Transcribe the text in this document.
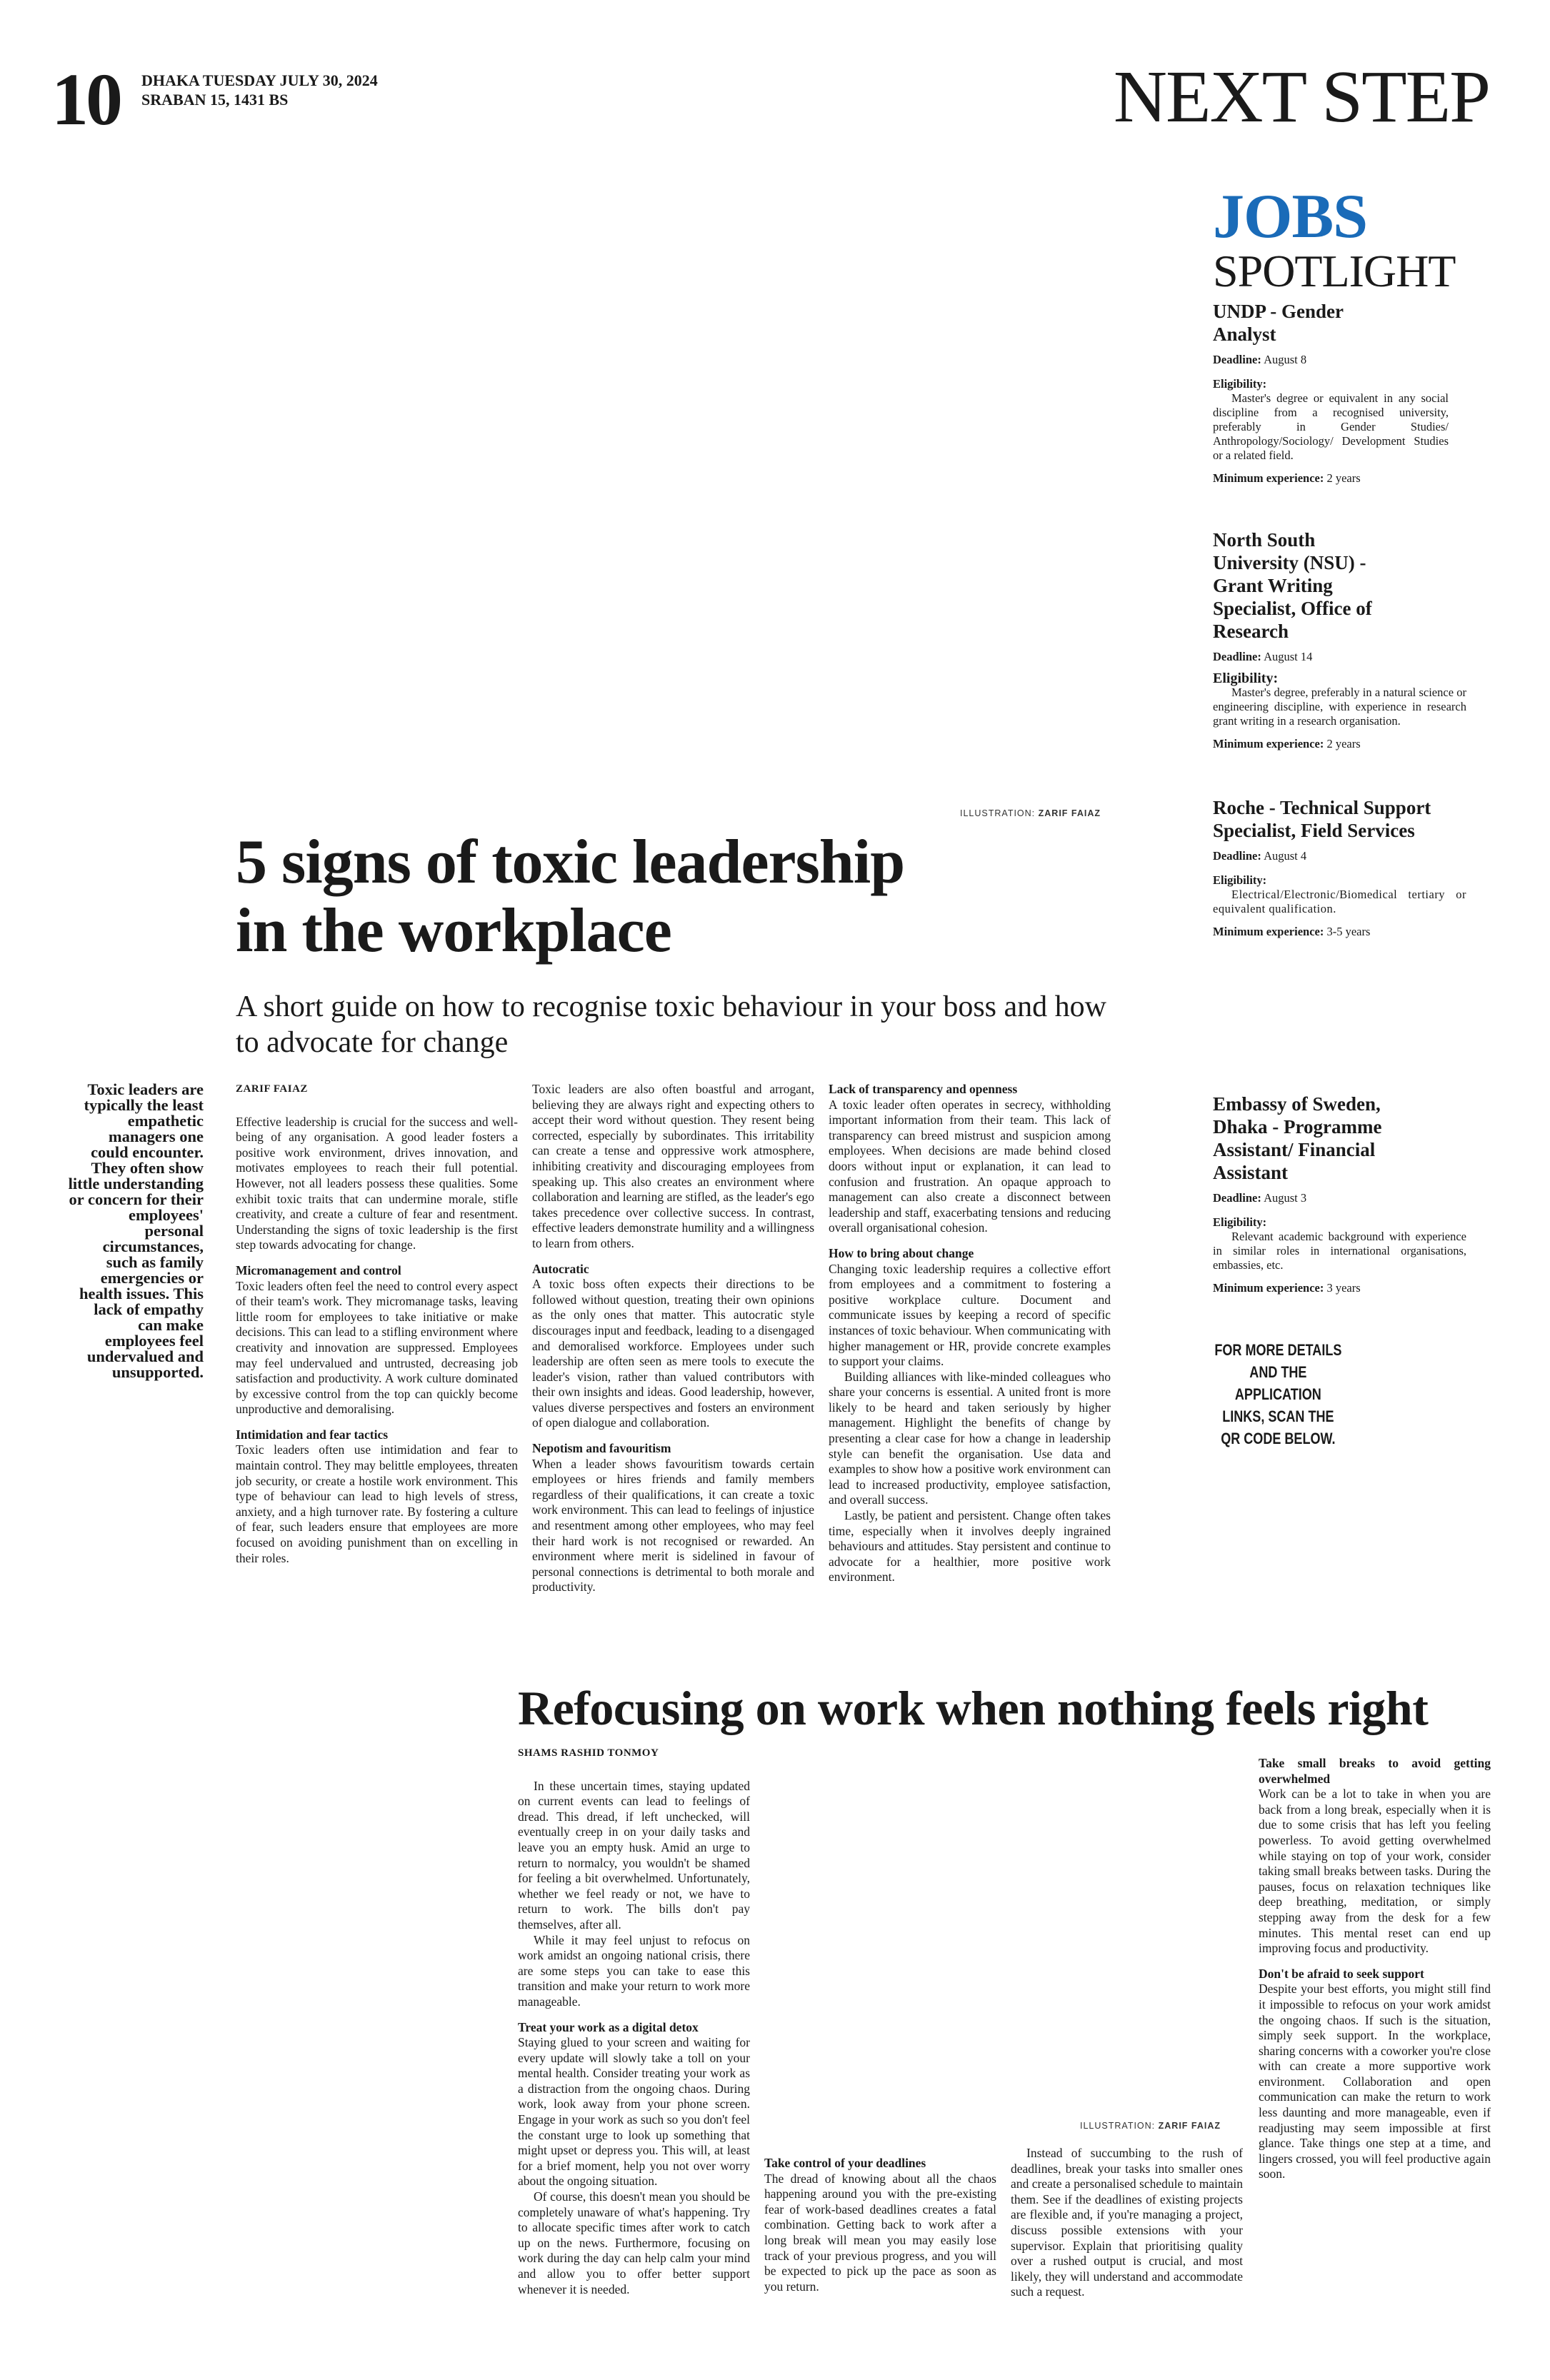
10 DHAKA TUESDAY JULY 30, 2024
SRABAN 15, 1431 BS	NEXT STEP
JOBS
SPOTLIGHT

UNDP - Gender Analyst

Deadline: August 8

Eligibility:

Master's degree or equivalent in any social discipline from a recognised university, preferably in Gender Studies/ Anthropology/Sociology/ Development Studies or a related field.

Minimum experience: 2 years

North South University (NSU) - Grant Writing Specialist, Office of Research

Deadline: August 14

Eligibility:

Master's degree, preferably in a natural science or engineering discipline, with experience in research grant writing in a research organisation.

Minimum experience: 2 years

Roche - Technical Support Specialist, Field Services

Deadline: August 4

Eligibility:

Electrical/Electronic/Biomedical tertiary or equivalent qualification.

Minimum experience: 3-5 years

Embassy of Sweden, Dhaka - Programme Assistant/ Financial Assistant

Deadline: August 3

Eligibility:

Relevant academic background with experience in similar roles in international organisations, embassies, etc.

Minimum experience: 3 years

FOR MORE DETAILS AND THE APPLICATION LINKS, SCAN THE QR CODE BELOW.
ILLUSTRATION: ZARIF FAIAZ
5 signs of toxic leadership
in the workplace
A short guide on how to recognise toxic behaviour in your boss and how to advocate for change
Toxic leaders are typically the least empathetic managers one could encounter. They often show little understanding or concern for their employees' personal circumstances, such as family emergencies or health issues. This lack of empathy can make employees feel undervalued and unsupported.
ZARIF FAIAZ

Effective leadership is crucial for the success and well-being of any organisation. A good leader fosters a positive work environment, drives innovation, and motivates employees to reach their full potential. However, not all leaders possess these qualities. Some exhibit toxic traits that can undermine morale, stifle creativity, and create a culture of fear and resentment. Understanding the signs of toxic leadership is the first step towards advocating for change.

Micromanagement and control

Toxic leaders often feel the need to control every aspect of their team's work. They micromanage tasks, leaving little room for employees to take initiative or make decisions. This can lead to a stifling environment where creativity and innovation are suppressed. Employees may feel undervalued and untrusted, decreasing job satisfaction and productivity. A work culture dominated by excessive control from the top can quickly become unproductive and demoralising.

Intimidation and fear tactics

Toxic leaders often use intimidation and fear to maintain control. They may belittle employees, threaten job security, or create a hostile work environment. This type of behaviour can lead to high levels of stress, anxiety, and a high turnover rate. By fostering a culture of fear, such leaders ensure that employees are more focused on avoiding punishment than on excelling in their roles.

Toxic leaders are also often boastful and arrogant, believing they are always right and expecting others to accept their word without question. They resent being corrected, especially by subordinates. This irritability can create a tense and oppressive work atmosphere, inhibiting creativity and discouraging employees from speaking up. This also creates an environment where collaboration and learning are stifled, as the leader's ego takes precedence over collective success. In contrast, effective leaders demonstrate humility and a willingness to learn from others.

Autocratic

A toxic boss often expects their directions to be followed without question, treating their own opinions as the only ones that matter. This autocratic style discourages input and feedback, leading to a disengaged and demoralised workforce. Employees under such leadership are often seen as mere tools to execute the leader's vision, rather than valued contributors with their own insights and ideas. Good leadership, however, values diverse perspectives and fosters an environment of open dialogue and collaboration.

Nepotism and favouritism

When a leader shows favouritism towards certain employees or hires friends and family members regardless of their qualifications, it can create a toxic work environment. This can lead to feelings of injustice and resentment among other employees, who may feel their hard work is not recognised or rewarded. An environment where merit is sidelined in favour of personal connections is detrimental to both morale and productivity.

Lack of transparency and openness

A toxic leader often operates in secrecy, withholding important information from their team. This lack of transparency can breed mistrust and suspicion among employees. When decisions are made behind closed doors without input or explanation, it can lead to confusion and frustration. An opaque approach to management can also create a disconnect between leadership and staff, exacerbating tensions and reducing overall organisational cohesion.

How to bring about change

Changing toxic leadership requires a collective effort from employees and a commitment to fostering a positive workplace culture. Document and communicate issues by keeping a record of specific instances of toxic behaviour. When communicating with higher management or HR, provide concrete examples to support your claims.

Building alliances with like-minded colleagues who share your concerns is essential. A united front is more likely to be heard and taken seriously by higher management. Highlight the benefits of change by presenting a clear case for how a change in leadership style can benefit the organisation. Use data and examples to show how a positive work environment can lead to increased productivity, employee satisfaction, and overall success.

Lastly, be patient and persistent. Change often takes time, especially when it involves deeply ingrained behaviours and attitudes. Stay persistent and continue to advocate for a healthier, more positive work environment.

Refocusing on work when nothing feels right
SHAMS RASHID TONMOY

In these uncertain times, staying updated on current events can lead to feelings of dread. This dread, if left unchecked, will eventually creep in on your daily tasks and leave you an empty husk. Amid an urge to return to normalcy, you wouldn't be shamed for feeling a bit overwhelmed. Unfortunately, whether we feel ready or not, we have to return to work. The bills don't pay themselves, after all.

While it may feel unjust to refocus on work amidst an ongoing national crisis, there are some steps you can take to ease this transition and make your return to work more manageable.

Treat your work as a digital detox

Staying glued to your screen and waiting for every update will slowly take a toll on your mental health. Consider treating your work as a distraction from the ongoing chaos. During work, look away from your phone screen. Engage in your work as such so you don't feel the constant urge to look up something that might upset or depress you. This will, at least for a brief moment, help you not over worry about the ongoing situation.

Of course, this doesn't mean you should be completely unaware of what's happening. Try to allocate specific times after work to catch up on the news. Furthermore, focusing on work during the day can help calm your mind and allow you to offer better support whenever it is needed.

ILLUSTRATION: ZARIF FAIAZ
Take control of your deadlines

The dread of knowing about all the chaos happening around you with the pre-existing fear of work-based deadlines creates a fatal combination. Getting back to work after a long break will mean you may easily lose track of your previous progress, and you will be expected to pick up the pace as soon as you return.

Instead of succumbing to the rush of deadlines, break your tasks into smaller ones and create a personalised schedule to maintain them. See if the deadlines of existing projects are flexible and, if you're managing a project, discuss possible extensions with your supervisor. Explain that prioritising quality over a rushed output is crucial, and most likely, they will understand and accommodate such a request.

Take small breaks to avoid getting overwhelmed

Work can be a lot to take in when you are back from a long break, especially when it is due to some crisis that has left you feeling powerless. To avoid getting overwhelmed while staying on top of your work, consider taking small breaks between tasks. During the pauses, focus on relaxation techniques like deep breathing, meditation, or simply stepping away from the desk for a few minutes. This mental reset can end up improving focus and productivity.

Don't be afraid to seek support

Despite your best efforts, you might still find it impossible to refocus on your work amidst the ongoing chaos. If such is the situation, simply seek support. In the workplace, sharing concerns with a coworker you're close with can create a more supportive work environment. Collaboration and open communication can make the return to work less daunting and more manageable, even if readjusting may seem impossible at first glance. Take things one step at a time, and lingers crossed, you will feel productive again soon.
